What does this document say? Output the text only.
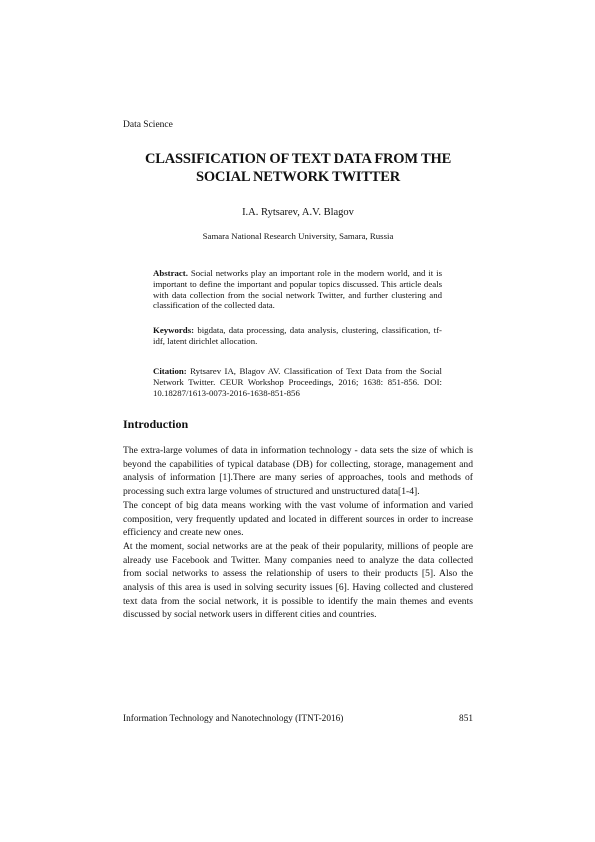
Data Science
CLASSIFICATION OF TEXT DATA FROM THE
SOCIAL NETWORK TWITTER
I.A. Rytsarev, A.V. Blagov
Samara National Research University, Samara, Russia
Abstract. Social networks play an important role in the modern world, and it is important to define the important and popular topics discussed. This article deals with data collection from the social network Twitter, and further clustering and classification of the collected data.
Keywords: bigdata, data processing, data analysis, clustering, classification, tf-idf, latent dirichlet allocation.
Citation: Rytsarev IA, Blagov AV. Classification of Text Data from the Social Network Twitter. CEUR Workshop Proceedings, 2016; 1638: 851-856. DOI: 10.18287/1613-0073-2016-1638-851-856
Introduction

The extra-large volumes of data in information technology - data sets the size of which is beyond the capabilities of typical database (DB) for collecting, storage, management and analysis of information [1].There are many series of approaches, tools and methods of processing such extra large volumes of structured and unstructured data[1-4].

The concept of big data means working with the vast volume of information and varied composition, very frequently updated and located in different sources in order to increase efficiency and create new ones.

At the moment, social networks are at the peak of their popularity, millions of people are already use Facebook and Twitter. Many companies need to analyze the data collected from social networks to assess the relationship of users to their products [5]. Also the analysis of this area is used in solving security issues [6]. Having collected and clustered text data from the social network, it is possible to identify the main themes and events discussed by social network users in different cities and countries.

Information Technology and Nanotechnology (ITNT-2016)	851
